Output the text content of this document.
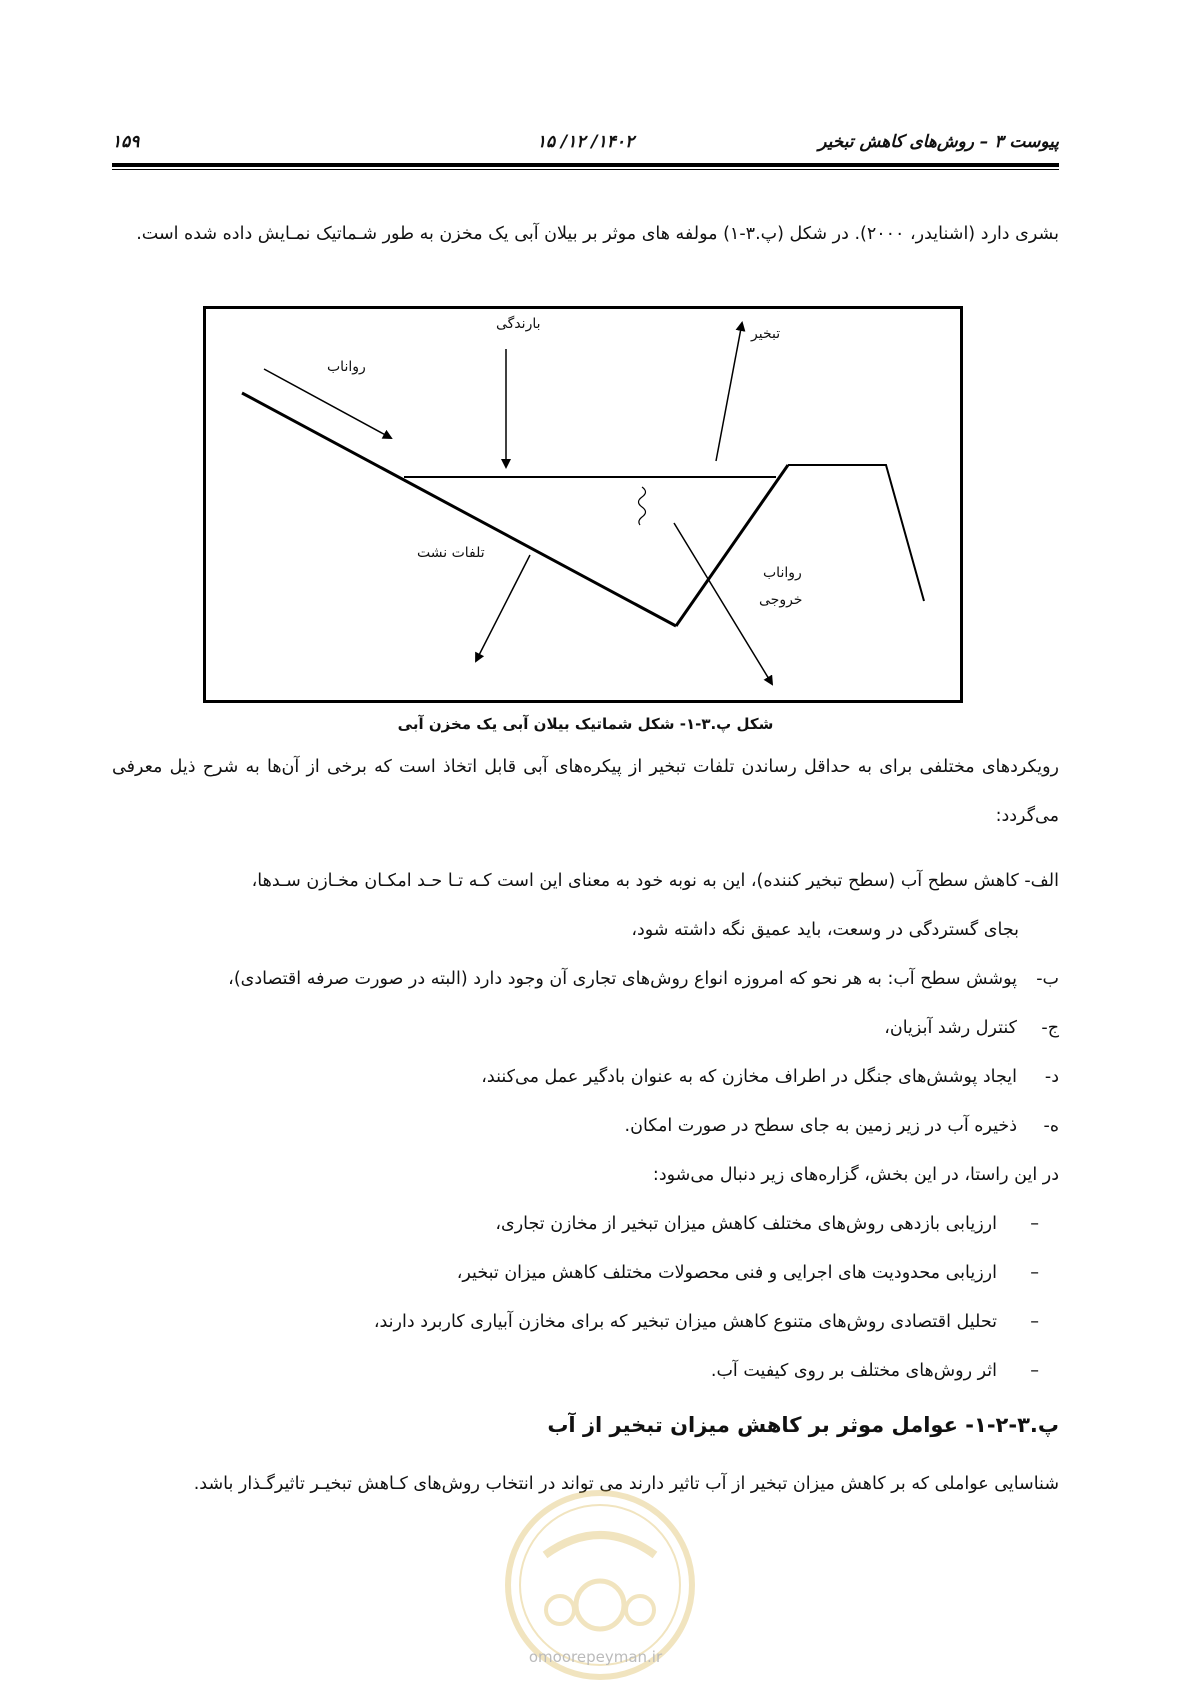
پیوست ۳ – روش‌های کاهش تبخیر
۱۴۰۲/ ۱۲/ ۱۵
۱۵۹
بشری دارد (اشنایدر، ۲۰۰۰). در شکل (پ.۳-۱) مولفه های موثر بر بیلان آبی یک مخزن به طور شـماتیک نمـایش داده شده است.
بارندگی
تبخیر
رواناب
تلفات نشت
رواناب
خروجی
شکل پ.۳-۱- شکل شماتیک بیلان آبی یک مخزن آبی
رویکردهای مختلفی برای به حداقل رساندن تلفات تبخیر از پیکره‌های آبی قابل اتخاذ است که برخی از آن‌ها به شرح ذیل معرفی می‌گردد:
الف- کاهش سطح آب (سطح تبخیر کننده)، این به نوبه خود به معنای این است کـه تـا حـد امکـان مخـازن سـدها،
بجای گستردگی در وسعت، باید عمیق نگه داشته شود،
ب-پوشش سطح آب: به هر نحو که امروزه انواع روش‌های تجاری آن وجود دارد (البته در صورت صرفه اقتصادی)،
ج-کنترل رشد آبزیان،
د-ایجاد پوشش‌های جنگل در اطراف مخازن که به عنوان بادگیر عمل می‌کنند،
ه-ذخیره آب در زیر زمین به جای سطح در صورت امکان.
در این راستا، در این بخش، گزاره‌های زیر دنبال می‌شود:
–ارزیابی بازدهی روش‌های مختلف کاهش میزان تبخیر از مخازن تجاری،
–ارزیابی محدودیت های اجرایی و فنی محصولات مختلف کاهش میزان تبخیر،
–تحلیل اقتصادی روش‌های متنوع کاهش میزان تبخیر که برای مخازن آبیاری کاربرد دارند،
–اثر روش‌های مختلف بر روی کیفیت آب.
پ.۳-۲-۱- عوامل موثر بر کاهش میزان تبخیر از آب
شناسایی عواملی که بر کاهش میزان تبخیر از آب تاثیر دارند می تواند در انتخاب روش‌های کـاهش تبخیـر تاثیرگـذار باشد.
omoorepeyman.ir
